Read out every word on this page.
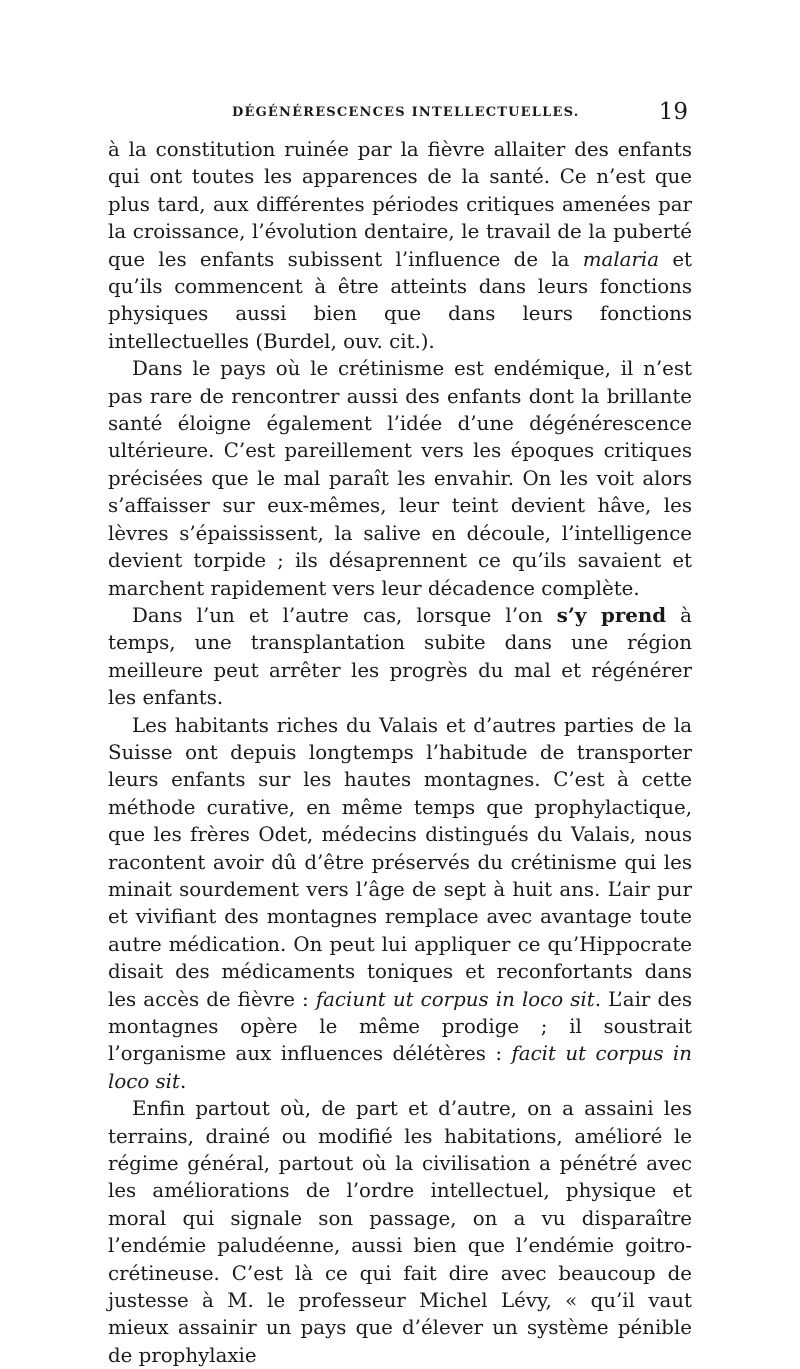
DÉGÉNÉRESCENCES INTELLECTUELLES.	19

à la constitution ruinée par la fièvre allaiter des enfants qui ont toutes les apparences de la santé. Ce n’est que plus tard, aux différentes périodes critiques amenées par la croissance, l’évolution dentaire, le travail de la puberté que les enfants subissent l’influence de la malaria et qu’ils commencent à être atteints dans leurs fonctions physiques aussi bien que dans leurs fonctions intellectuelles (Burdel, ouv. cit.).

Dans le pays où le crétinisme est endémique, il n’est pas rare de rencontrer aussi des enfants dont la brillante santé éloigne également l’idée d’une dégénérescence ultérieure. C’est pareillement vers les époques critiques précisées que le mal paraît les envahir. On les voit alors s’affaisser sur eux-mêmes, leur teint devient hâve, les lèvres s’épaississent, la salive en découle, l’intelligence devient torpide ; ils désaprennent ce qu’ils savaient et marchent rapidement vers leur décadence complète.

Dans l’un et l’autre cas, lorsque l’on s’y prend à temps, une transplantation subite dans une région meilleure peut arrêter les progrès du mal et régénérer les enfants.

Les habitants riches du Valais et d’autres parties de la Suisse ont depuis longtemps l’habitude de transporter leurs enfants sur les hautes montagnes. C’est à cette méthode curative, en même temps que prophylactique, que les frères Odet, médecins distingués du Valais, nous racontent avoir dû d’être préservés du crétinisme qui les minait sourdement vers l’âge de sept à huit ans. L’air pur et vivifiant des montagnes remplace avec avantage toute autre médication. On peut lui appliquer ce qu’Hippocrate disait des médicaments toniques et reconfortants dans les accès de fièvre : faciunt ut corpus in loco sit. L’air des montagnes opère le même prodige ; il soustrait l’organisme aux influences délétères : facit ut corpus in loco sit.

Enfin partout où, de part et d’autre, on a assaini les terrains, drainé ou modifié les habitations, amélioré le régime général, partout où la civilisation a pénétré avec les améliorations de l’ordre intellectuel, physique et moral qui signale son passage, on a vu disparaître l’endémie paludéenne, aussi bien que l’endémie goitro-crétineuse. C’est là ce qui fait dire avec beaucoup de justesse à M. le professeur Michel Lévy, « qu’il vaut mieux assainir un pays que d’élever un système pénible de prophylaxie
